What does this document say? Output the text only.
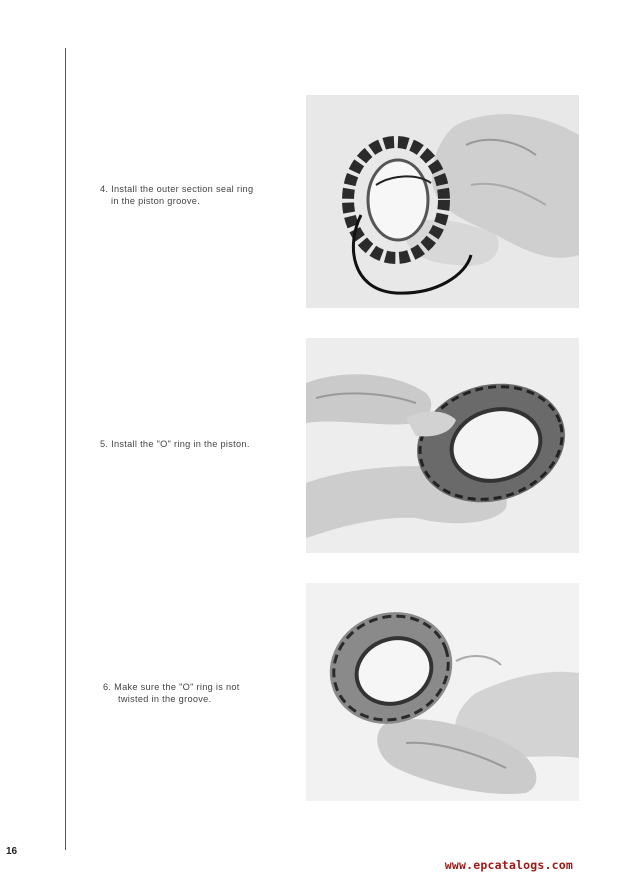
4. Install the outer section seal ring
in the piston groove.
5. Install the "O" ring in the piston.
6. Make sure the "O" ring is not
twisted in the groove.
16
www.epcatalogs.com
